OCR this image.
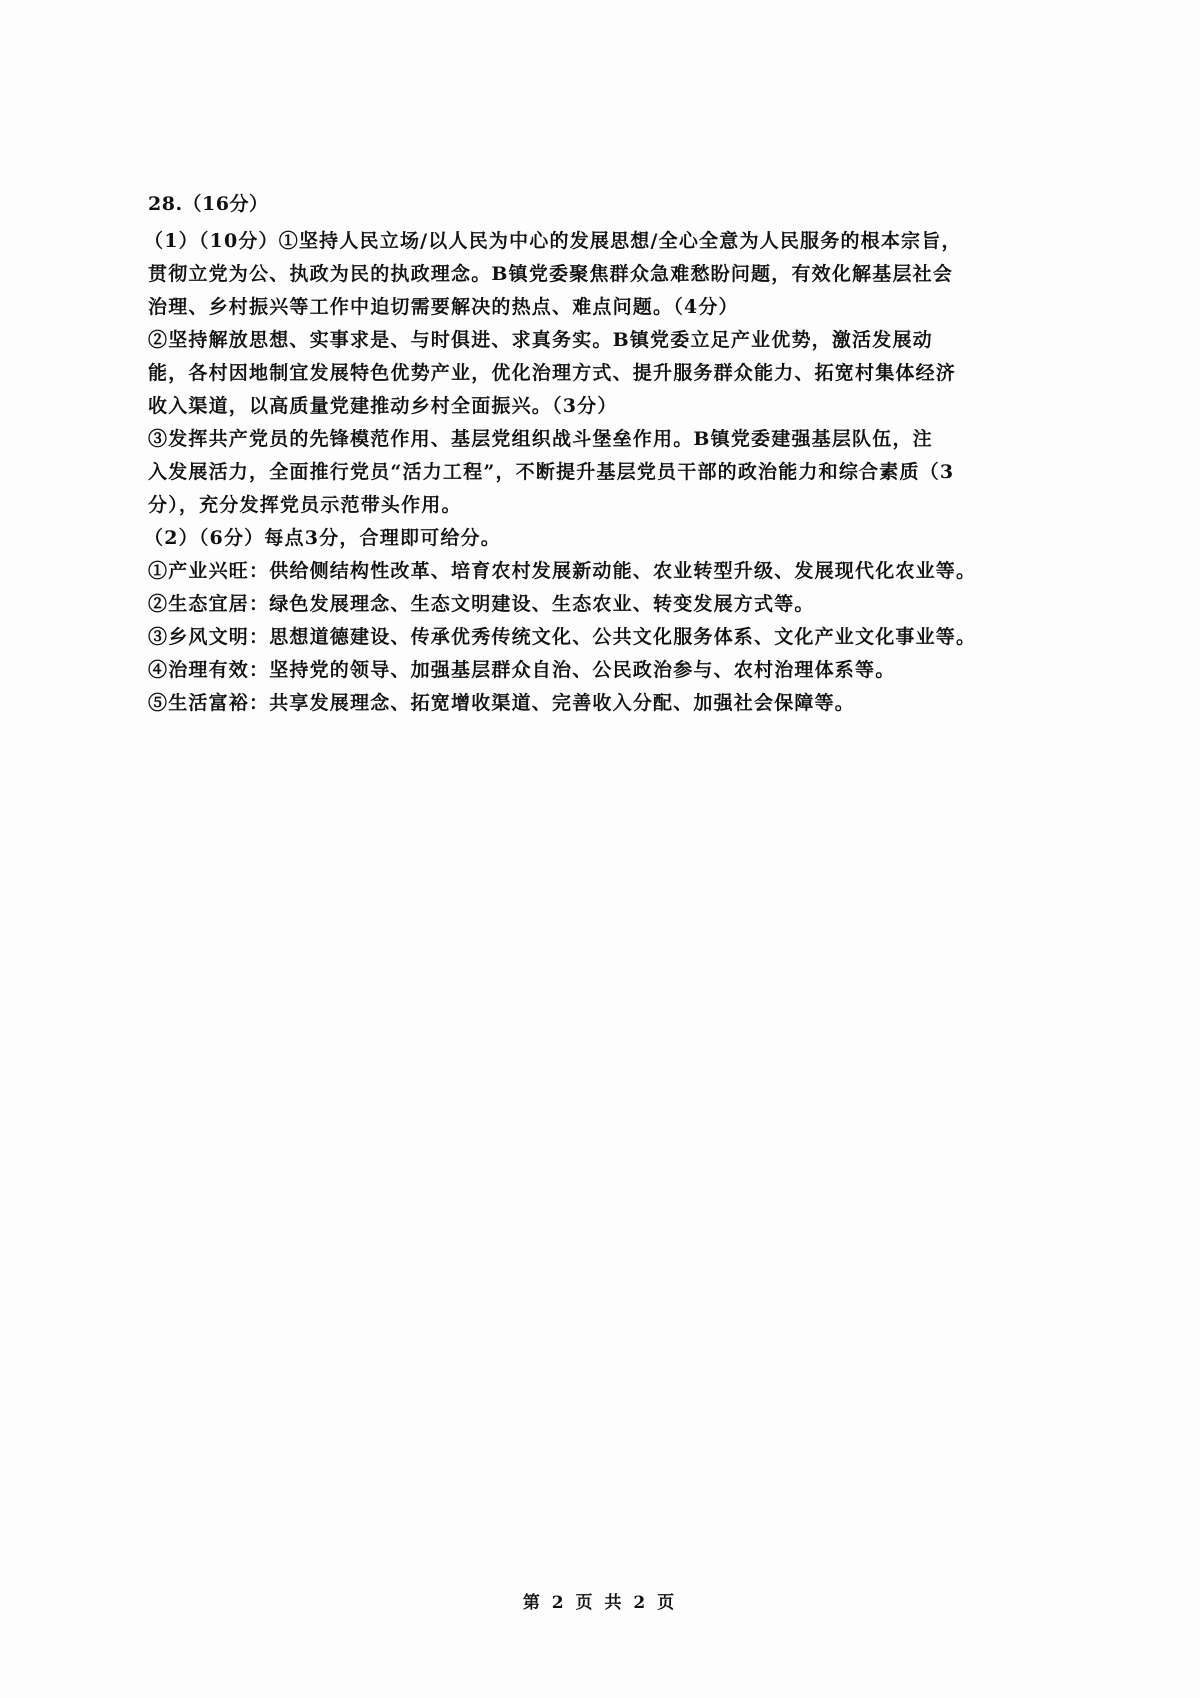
28.（16分）
（1）（10分）①坚持人民立场/以人民为中心的发展思想/全心全意为人民服务的根本宗旨，
贯彻立党为公、执政为民的执政理念。B镇党委聚焦群众急难愁盼问题，有效化解基层社会
治理、乡村振兴等工作中迫切需要解决的热点、难点问题。（4分）
②坚持解放思想、实事求是、与时俱进、求真务实。B镇党委立足产业优势，激活发展动
能，各村因地制宜发展特色优势产业，优化治理方式、提升服务群众能力、拓宽村集体经济
收入渠道，以高质量党建推动乡村全面振兴。（3分）
③发挥共产党员的先锋模范作用、基层党组织战斗堡垒作用。B镇党委建强基层队伍，注
入发展活力，全面推行党员“活力工程”，不断提升基层党员干部的政治能力和综合素质（3
分），充分发挥党员示范带头作用。
（2）（6分）每点3分，合理即可给分。
①产业兴旺：供给侧结构性改革、培育农村发展新动能、农业转型升级、发展现代化农业等。
②生态宜居：绿色发展理念、生态文明建设、生态农业、转变发展方式等。
③乡风文明：思想道德建设、传承优秀传统文化、公共文化服务体系、文化产业文化事业等。
④治理有效：坚持党的领导、加强基层群众自治、公民政治参与、农村治理体系等。
⑤生活富裕：共享发展理念、拓宽增收渠道、完善收入分配、加强社会保障等。
第 2 页 共 2 页
